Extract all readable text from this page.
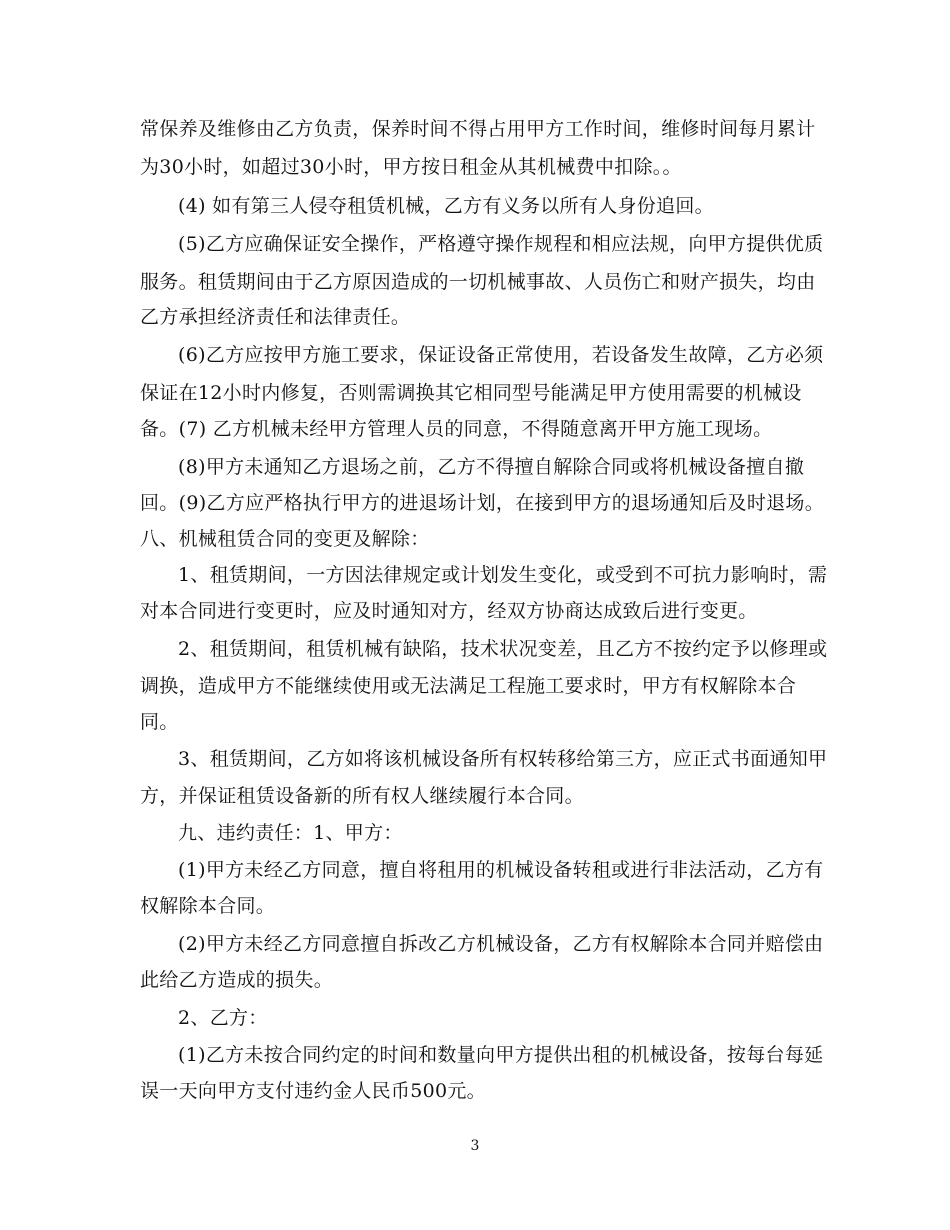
常保养及维修由乙方负责，保养时间不得占用甲方工作时间，维修时间每月累计
为30小时，如超过30小时，甲方按日租金从其机械费中扣除。。
(4) 如有第三人侵夺租赁机械，乙方有义务以所有人身份追回。
(5)乙方应确保证安全操作，严格遵守操作规程和相应法规，向甲方提供优质
服务。租赁期间由于乙方原因造成的一切机械事故、人员伤亡和财产损失，均由
乙方承担经济责任和法律责任。
(6)乙方应按甲方施工要求，保证设备正常使用，若设备发生故障，乙方必须
保证在12小时内修复，否则需调换其它相同型号能满足甲方使用需要的机械设
备。(7) 乙方机械未经甲方管理人员的同意，不得随意离开甲方施工现场。
(8)甲方未通知乙方退场之前，乙方不得擅自解除合同或将机械设备擅自撤
回。(9)乙方应严格执行甲方的进退场计划，在接到甲方的退场通知后及时退场。
八、机械租赁合同的变更及解除：
1、租赁期间，一方因法律规定或计划发生变化，或受到不可抗力影响时，需
对本合同进行变更时，应及时通知对方，经双方协商达成致后进行变更。
2、租赁期间，租赁机械有缺陷，技术状况变差，且乙方不按约定予以修理或
调换，造成甲方不能继续使用或无法满足工程施工要求时，甲方有权解除本合
同。
3、租赁期间，乙方如将该机械设备所有权转移给第三方，应正式书面通知甲
方，并保证租赁设备新的所有权人继续履行本合同。
九、违约责任：1、甲方：
(1)甲方未经乙方同意，擅自将租用的机械设备转租或进行非法活动，乙方有
权解除本合同。
(2)甲方未经乙方同意擅自拆改乙方机械设备，乙方有权解除本合同并赔偿由
此给乙方造成的损失。
2、乙方：
(1)乙方未按合同约定的时间和数量向甲方提供出租的机械设备，按每台每延
误一天向甲方支付违约金人民币500元。
3
